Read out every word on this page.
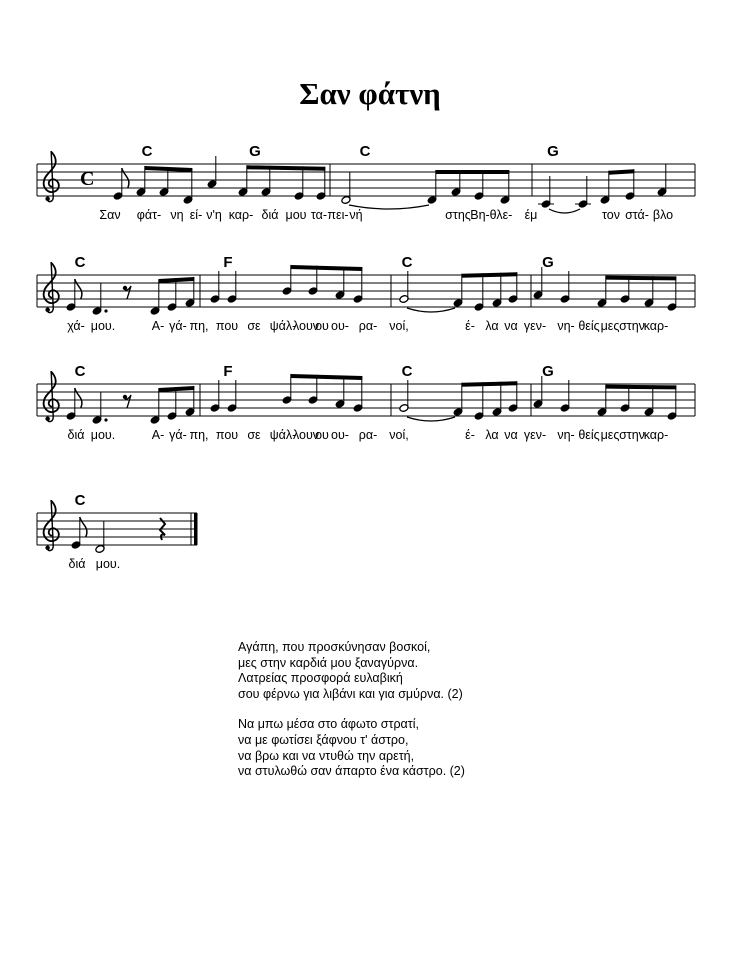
Σαν φάτνη
C
C	G	C	G
Σαν φάτ- νη εί- ν'η καρ- διά μου τα- πει- νή	στης Βη- θλε- έμ	τον στά- βλο
C	F	C	G
χά- μου.	Α- γά- πη, που σε ψάλ-
λουν
ου ου- ρα- νοί,	έ- λα να γεν- νη- θείς μες στην
καρ-
C	F	C	G
διά μου.	Α- γά- πη, που σε ψάλ-
λουν
ου ου- ρα- νοί,	έ- λα να γεν- νη- θείς μες στην
καρ-
C
διά μου.
Αγάπη, που προσκύνησαν βοσκοί,
μες στην καρδιά μου ξαναγύρνα.
Λατρείας προσφορά ευλαβική
σου φέρνω για λιβάνι και για σμύρνα. (2)
Να μπω μέσα στο άφωτο στρατί,
να με φωτίσει ξάφνου τ' άστρο,
να βρω και να ντυθώ την αρετή,
να στυλωθώ σαν άπαρτο ένα κάστρο. (2)
